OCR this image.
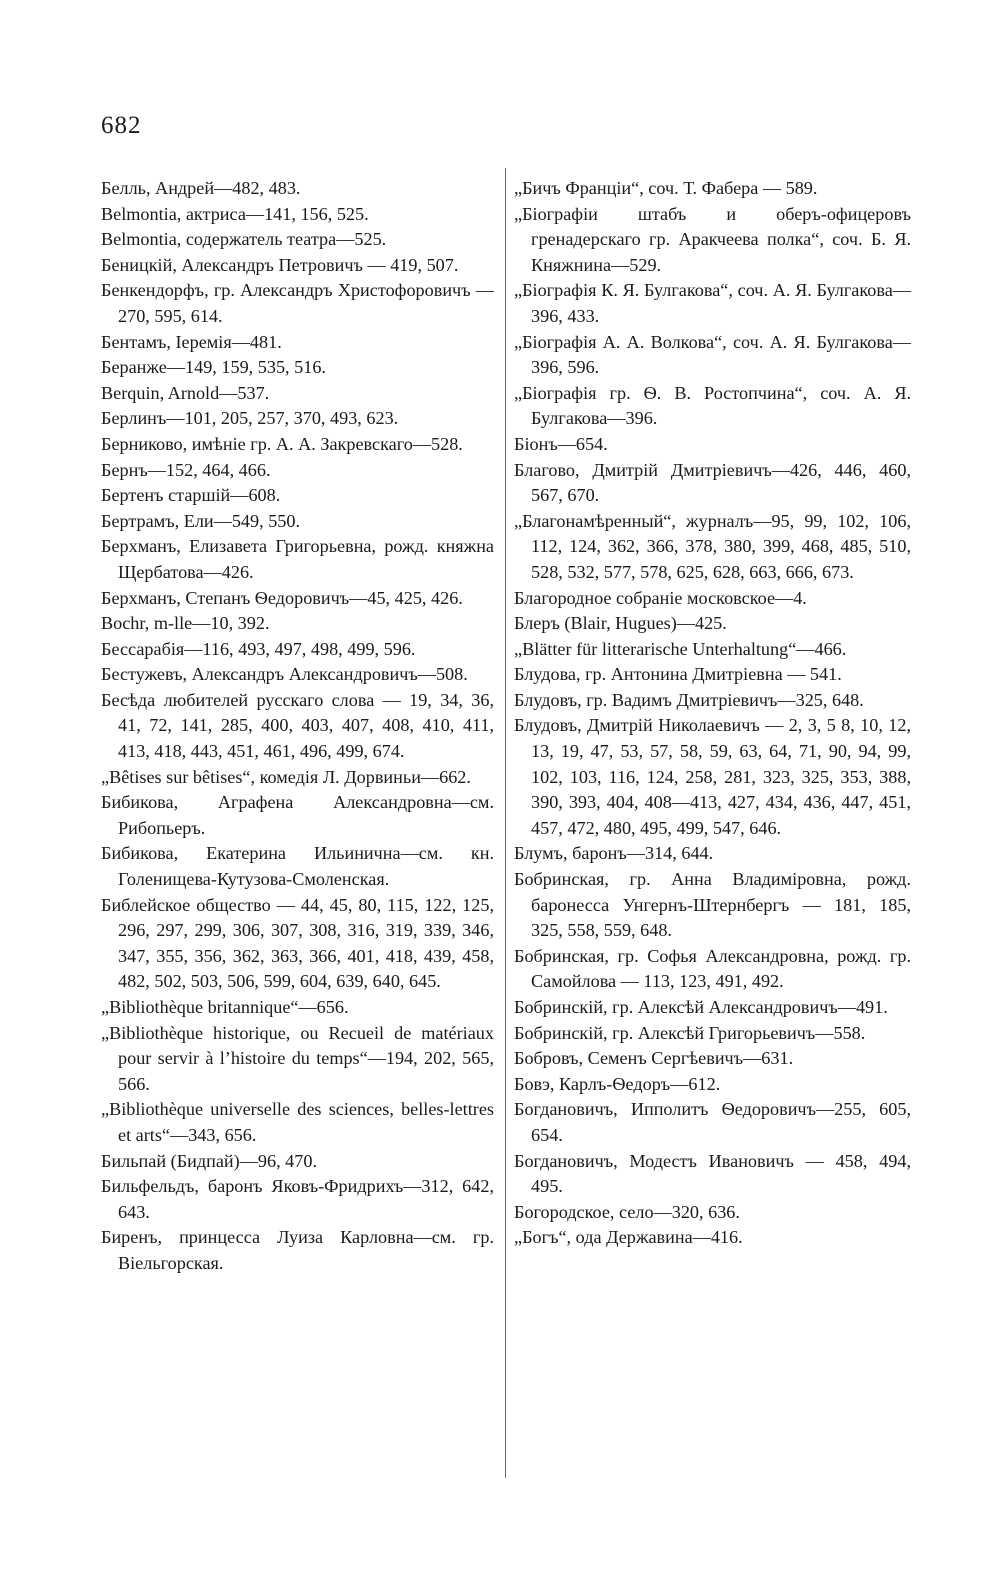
682

Белль, Андрей—482, 483.

Belmontia, актриса—141, 156, 525.

Belmontia, содержатель театра—525.

Беницкій, Александръ Петровичъ — 419, 507.

Бенкендорфъ, гр. Александръ Христофоровичъ —270, 595, 614.

Бентамъ, Іеремія—481.

Беранже—149, 159, 535, 516.

Berquin, Arnold—537.

Берлинъ—101, 205, 257, 370, 493, 623.

Берниково, имѣніе гр. А. А. Закревскаго—528.

Бернъ—152, 464, 466.

Бертенъ старшій—608.

Бертрамъ, Ели—549, 550.

Берхманъ, Елизавета Григорьевна, рожд. княжна Щербатова—426.

Берхманъ, Степанъ Ѳедоровичъ—45, 425, 426.

Bochr, m-lle—10, 392.

Бессарабія—116, 493, 497, 498, 499, 596.

Бестужевъ, Александръ Александровичъ—508.

Бесѣда любителей русскаго слова — 19, 34, 36, 41, 72, 141, 285, 400, 403, 407, 408, 410, 411, 413, 418, 443, 451, 461, 496, 499, 674.

„Bêtises sur bêtises“, комедія Л. Дорвиньи—662.

Бибикова, Аграфена Александровна—см. Рибопьеръ.

Бибикова, Екатерина Ильинична—см. кн. Голенищева-Кутузова-Смоленская.

Библейское общество — 44, 45, 80, 115, 122, 125, 296, 297, 299, 306, 307, 308, 316, 319, 339, 346, 347, 355, 356, 362, 363, 366, 401, 418, 439, 458, 482, 502, 503, 506, 599, 604, 639, 640, 645.

„Bibliothèque britannique“—656.

„Bibliothèque historique, ou Recueil de matériaux pour servir à l’histoire du temps“—194, 202, 565, 566.

„Bibliothèque universelle des sciences, belles-lettres et arts“—343, 656.

Бильпай (Бидпай)—96, 470.

Бильфельдъ, баронъ Яковъ-Фридрихъ—312, 642, 643.

Биренъ, принцесса Луиза Карловна—см. гр. Віельгорская.

„Бичъ Франціи“, соч. Т. Фабера — 589.

„Біографіи штабъ и оберъ-офицеровъ гренадерскаго гр. Аракчеева полка“, соч. Б. Я. Княжнина—529.

„Біографія К. Я. Булгакова“, соч. А. Я. Булгакова—396, 433.

„Біографія А. А. Волкова“, соч. А. Я. Булгакова—396, 596.

„Біографія гр. Ѳ. В. Ростопчина“, соч. А. Я. Булгакова—396.

Біонъ—654.

Благово, Дмитрій Дмитріевичъ—426, 446, 460, 567, 670.

„Благонамѣренный“, журналъ—95, 99, 102, 106, 112, 124, 362, 366, 378, 380, 399, 468, 485, 510, 528, 532, 577, 578, 625, 628, 663, 666, 673.

Благородное собраніе московское—4.

Блеръ (Blair, Hugues)—425.

„Blätter für litterarische Unterhaltung“—466.

Блудова, гр. Антонина Дмитріевна — 541.

Блудовъ, гр. Вадимъ Дмитріевичъ—325, 648.

Блудовъ, Дмитрій Николаевичъ — 2, 3, 5 8, 10, 12, 13, 19, 47, 53, 57, 58, 59, 63, 64, 71, 90, 94, 99, 102, 103, 116, 124, 258, 281, 323, 325, 353, 388, 390, 393, 404, 408—413, 427, 434, 436, 447, 451, 457, 472, 480, 495, 499, 547, 646.

Блумъ, баронъ—314, 644.

Бобринская, гр. Анна Владиміровна, рожд. баронесса Унгернъ-Штернбергъ — 181, 185, 325, 558, 559, 648.

Бобринская, гр. Софья Александровна, рожд. гр. Самойлова — 113, 123, 491, 492.

Бобринскій, гр. Алексѣй Александровичъ—491.

Бобринскій, гр. Алексѣй Григорьевичъ—558.

Бобровъ, Семенъ Сергѣевичъ—631.

Бовэ, Карлъ-Ѳедоръ—612.

Богдановичъ, Ипполитъ Ѳедоровичъ—255, 605, 654.

Богдановичъ, Модестъ Ивановичъ — 458, 494, 495.

Богородское, село—320, 636.

„Богъ“, ода Державина—416.
